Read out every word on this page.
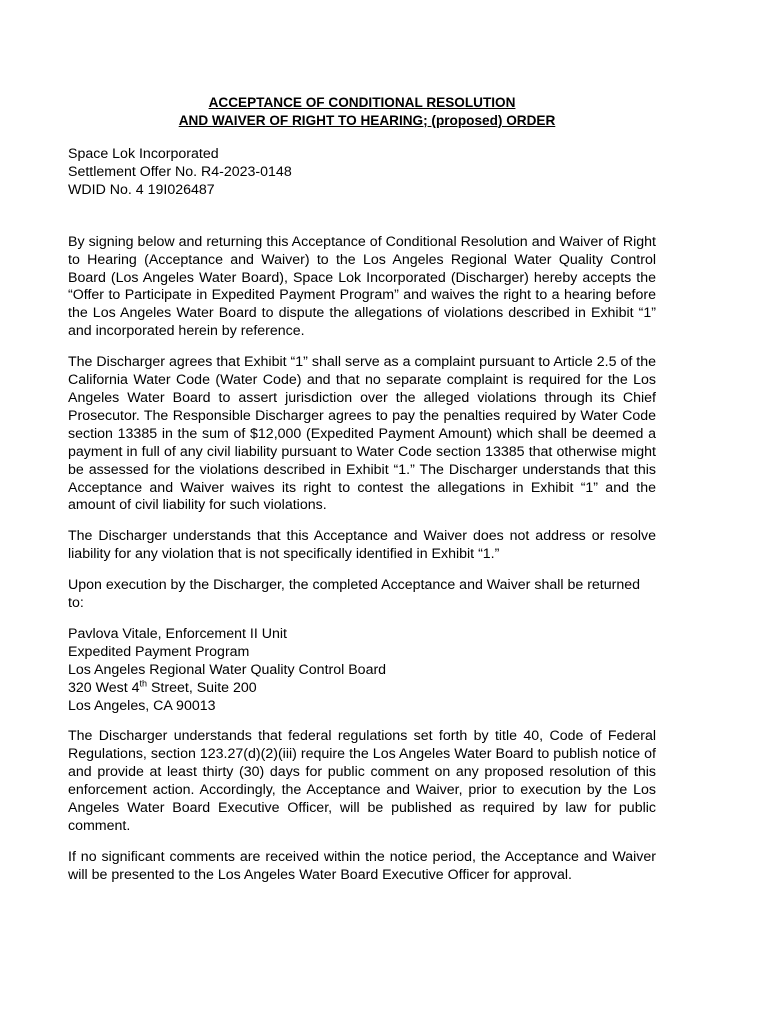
ACCEPTANCE OF CONDITIONAL RESOLUTION
AND WAIVER OF RIGHT TO HEARING; (proposed) ORDER
Space Lok Incorporated
Settlement Offer No. R4-2023-0148
WDID No. 4 19I026487

By signing below and returning this Acceptance of Conditional Resolution and Waiver of Right to Hearing (Acceptance and Waiver) to the Los Angeles Regional Water Quality Control Board (Los Angeles Water Board), Space Lok Incorporated (Discharger) hereby accepts the “Offer to Participate in Expedited Payment Program” and waives the right to a hearing before the Los Angeles Water Board to dispute the allegations of violations described in Exhibit “1” and incorporated herein by reference.

The Discharger agrees that Exhibit “1” shall serve as a complaint pursuant to Article 2.5 of the California Water Code (Water Code) and that no separate complaint is required for the Los Angeles Water Board to assert jurisdiction over the alleged violations through its Chief Prosecutor. The Responsible Discharger agrees to pay the penalties required by Water Code section 13385 in the sum of $12,000 (Expedited Payment Amount) which shall be deemed a payment in full of any civil liability pursuant to Water Code section 13385 that otherwise might be assessed for the violations described in Exhibit “1.” The Discharger understands that this Acceptance and Waiver waives its right to contest the allegations in Exhibit “1” and the amount of civil liability for such violations.

The Discharger understands that this Acceptance and Waiver does not address or resolve liability for any violation that is not specifically identified in Exhibit “1.”

Upon execution by the Discharger, the completed Acceptance and Waiver shall be returned to:

Pavlova Vitale, Enforcement II Unit
Expedited Payment Program
Los Angeles Regional Water Quality Control Board
320 West 4th Street, Suite 200
Los Angeles, CA 90013

The Discharger understands that federal regulations set forth by title 40, Code of Federal Regulations, section 123.27(d)(2)(iii) require the Los Angeles Water Board to publish notice of and provide at least thirty (30) days for public comment on any proposed resolution of this enforcement action. Accordingly, the Acceptance and Waiver, prior to execution by the Los Angeles Water Board Executive Officer, will be published as required by law for public comment.

If no significant comments are received within the notice period, the Acceptance and Waiver will be presented to the Los Angeles Water Board Executive Officer for approval.
